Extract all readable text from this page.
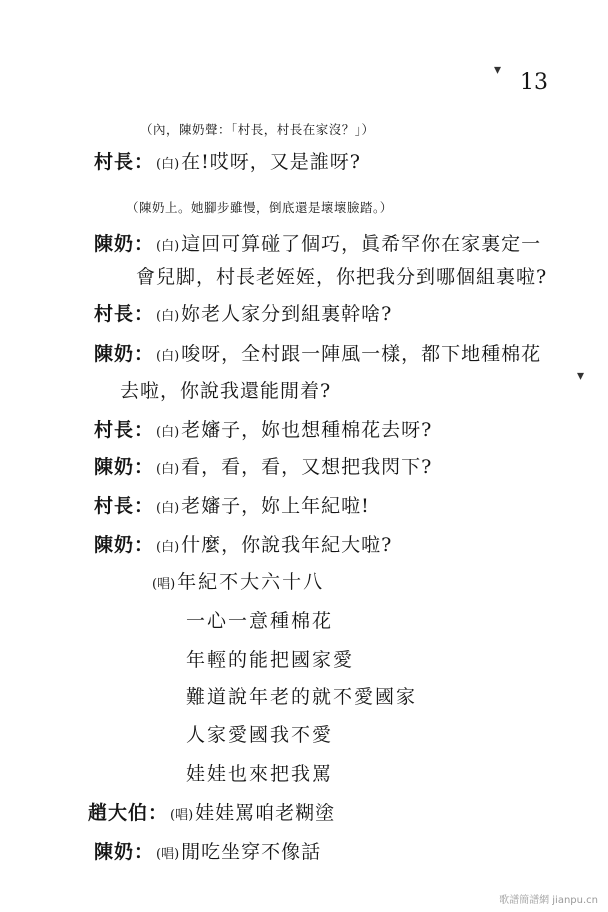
▾
▾
13
（內，陳奶聲：「村長，村長在家沒？」）
村長： (白) 在!哎呀，又是誰呀?
（陳奶上。她腳步雖慢，倒底還是壞壞臉踏。）
陳奶： (白) 這回可算碰了個巧，眞希罕你在家裏定一
會兒脚，村長老姪姪，你把我分到哪個組裏啦?
村長： (白) 妳老人家分到組裏幹啥?
陳奶： (白) 唆呀，全村跟一陣風一樣，都下地種棉花
去啦，你說我還能閒着?
村長： (白) 老嬸子，妳也想種棉花去呀?
陳奶： (白) 看，看，看，又想把我閃下?
村長： (白) 老嬸子，妳上年紀啦!
陳奶： (白) 什麼，你說我年紀大啦?
(唱) 年紀不大六十八
一心一意種棉花
年輕的能把國家愛
難道說年老的就不愛國家
人家愛國我不愛
娃娃也來把我罵
趙大伯： (唱) 娃娃罵咱老糊塗
陳奶： (唱) 閒吃坐穿不像話
歌譜簡譜網 jianpu.cn
